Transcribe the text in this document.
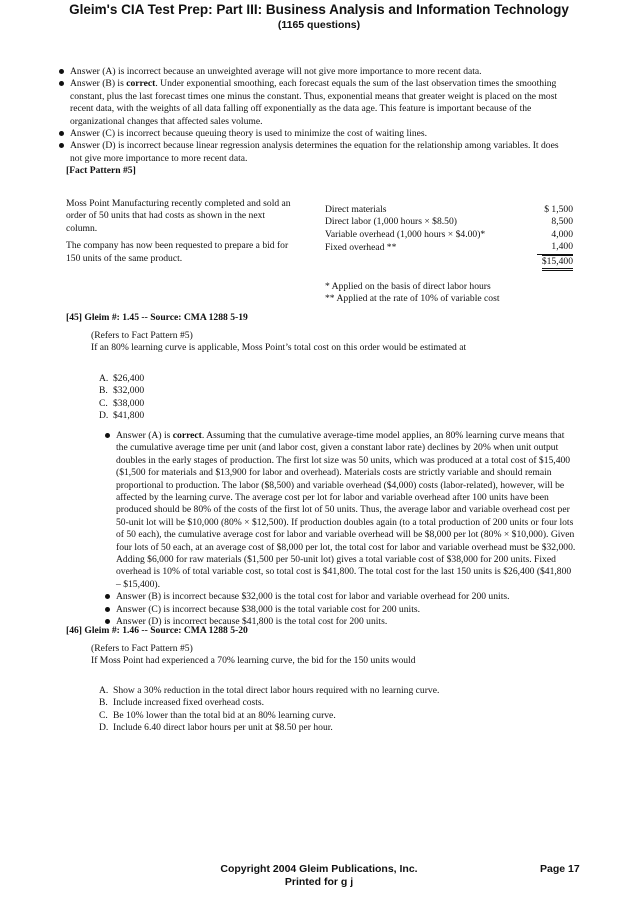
Gleim's CIA Test Prep: Part III: Business Analysis and Information Technology
(1165 questions)
Answer (A) is incorrect because an unweighted average will not give more importance to more recent data.
Answer (B) is correct. Under exponential smoothing, each forecast equals the sum of the last observation times the smoothing constant, plus the last forecast times one minus the constant. Thus, exponential means that greater weight is placed on the most recent data, with the weights of all data falling off exponentially as the data age. This feature is important because of the organizational changes that affected sales volume.
Answer (C) is incorrect because queuing theory is used to minimize the cost of waiting lines.
Answer (D) is incorrect because linear regression analysis determines the equation for the relationship among variables. It does not give more importance to more recent data.
[Fact Pattern #5]
Moss Point Manufacturing recently completed and sold an order of 50 units that had costs as shown in the next column.
The company has now been requested to prepare a bid for 150 units of the same product.
Direct materials	$ 1,500
Direct labor (1,000 hours × $8.50)	8,500
Variable overhead (1,000 hours × $4.00)*	4,000
Fixed overhead **	1,400
	$15,400
* Applied on the basis of direct labor hours
** Applied at the rate of 10% of variable cost
[45] Gleim #: 1.45 -- Source: CMA 1288 5-19
(Refers to Fact Pattern #5)
If an 80% learning curve is applicable, Moss Point’s total cost on this order would be estimated at
A. $26,400
B. $32,000
C. $38,000
D. $41,800
Answer (A) is correct. Assuming that the cumulative average-time model applies, an 80% learning curve means that the cumulative average time per unit (and labor cost, given a constant labor rate) declines by 20% when unit output doubles in the early stages of production. The first lot size was 50 units, which was produced at a total cost of $15,400 ($1,500 for materials and $13,900 for labor and overhead). Materials costs are strictly variable and should remain proportional to production. The labor ($8,500) and variable overhead ($4,000) costs (labor-related), however, will be affected by the learning curve. The average cost per lot for labor and variable overhead after 100 units have been produced should be 80% of the costs of the first lot of 50 units. Thus, the average labor and variable overhead cost per 50-unit lot will be $10,000 (80% × $12,500). If production doubles again (to a total production of 200 units or four lots of 50 each), the cumulative average cost for labor and variable overhead will be $8,000 per lot (80% × $10,000). Given four lots of 50 each, at an average cost of $8,000 per lot, the total cost for labor and variable overhead must be $32,000. Adding $6,000 for raw materials ($1,500 per 50-unit lot) gives a total variable cost of $38,000 for 200 units. Fixed overhead is 10% of total variable cost, so total cost is $41,800. The total cost for the last 150 units is $26,400 ($41,800 – $15,400).
Answer (B) is incorrect because $32,000 is the total cost for labor and variable overhead for 200 units.
Answer (C) is incorrect because $38,000 is the total variable cost for 200 units.
Answer (D) is incorrect because $41,800 is the total cost for 200 units.
[46] Gleim #: 1.46 -- Source: CMA 1288 5-20
(Refers to Fact Pattern #5)
If Moss Point had experienced a 70% learning curve, the bid for the 150 units would
A. Show a 30% reduction in the total direct labor hours required with no learning curve.
B. Include increased fixed overhead costs.
C. Be 10% lower than the total bid at an 80% learning curve.
D. Include 6.40 direct labor hours per unit at $8.50 per hour.
Copyright 2004 Gleim Publications, Inc.
Printed for g j
Page 17
